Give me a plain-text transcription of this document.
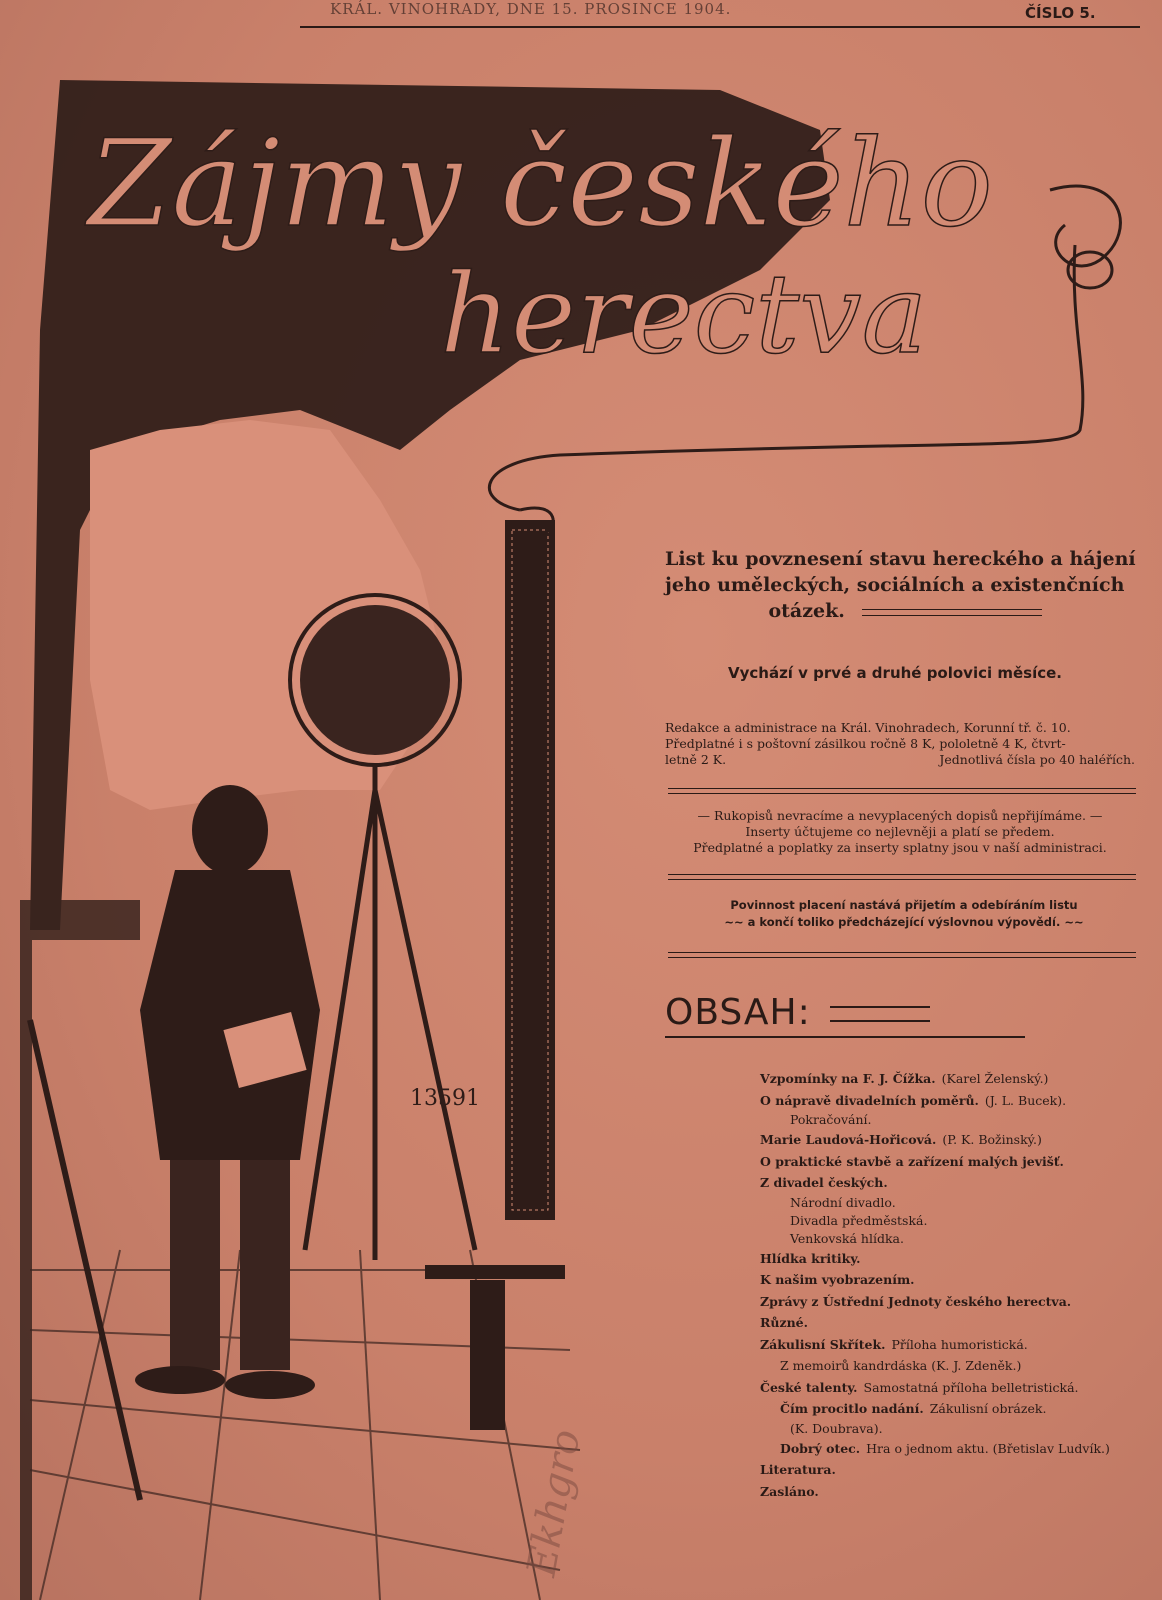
KRÁL. VINOHRADY, DNE 15. PROSINCE 1904.	ČÍSLO 5.
13591
Zájmy českého
herectva
List ku povznesení stavu hereckého a hájení
jeho uměleckých, sociálních a existenčních
otázek.
Vychází v prvé a druhé polovici měsíce.
Redakce a administrace na Král. Vinohradech, Korunní tř. č. 10.
Předplatné i s poštovní zásilkou ročně 8 K, pololetně 4 K, čtvrt-
letně 2 K.	Jednotlivá čísla po 40 haléřích.
— Rukopisů nevracíme a nevyplacených dopisů nepřijímáme. —
Inserty účtujeme co nejlevněji a platí se předem.
Předplatné a poplatky za inserty splatny jsou v naší administraci.
Povinnost placení nastává přijetím a odebíráním listu
~~ a končí toliko předcházející výslovnou výpovědí. ~~
OBSAH:
Vzpomínky na F. J. Čížka. (Karel Želenský.)
O nápravě divadelních poměrů. (J. L. Bucek).
Pokračování.
Marie Laudová-Hořicová. (P. K. Božinský.)
O praktické stavbě a zařízení malých jevišť.
Z divadel českých.
Národní divadlo.
Divadla předměstská.
Venkovská hlídka.
Hlídka kritiky.
K našim vyobrazením.
Zprávy z Ústřední Jednoty českého herectva.
Různé.
Zákulisní Skřítek. Příloha humoristická.
Z memoirů kandrdáska (K. J. Zdeněk.)
České talenty. Samostatná příloha belletristická.
Čím procitlo nadání. Zákulisní obrázek.
(K. Doubrava).
Dobrý otec. Hra o jednom aktu. (Břetislav Ludvík.)
Literatura.
Zasláno.
Ekhgro
